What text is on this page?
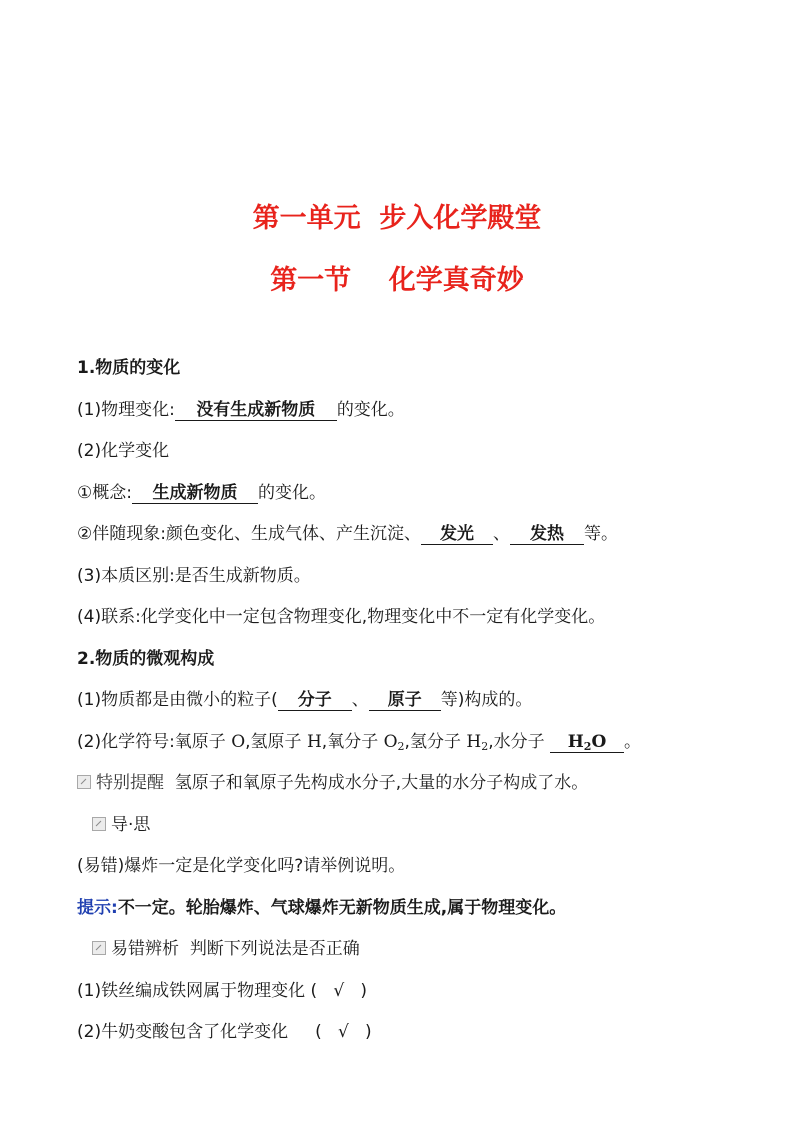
第一单元 步入化学殿堂
第一节 化学真奇妙
1.物质的变化
(1)物理变化: 没有生成新物质 的变化。
(2)化学变化
①概念: 生成新物质 的变化。
②伴随现象:颜色变化、生成气体、产生沉淀、 发光 、 发热 等。
(3)本质区别:是否生成新物质。
(4)联系:化学变化中一定包含物理变化,物理变化中不一定有化学变化。
2.物质的微观构成
(1)物质都是由微小的粒子( 分子 、 原子 等)构成的。
(2)化学符号:氧原子 O,氢原子 H,氧分子 $O_2$,氢分子 $H_2$,水分子 $H_2O$ 。
特别提醒 氢原子和氧原子先构成水分子,大量的水分子构成了水。
导·思
(易错)爆炸一定是化学变化吗?请举例说明。
提示:不一定。轮胎爆炸、气球爆炸无新物质生成,属于物理变化。
易错辨析 判断下列说法是否正确
(1)铁丝编成铁网属于物理变化 (   √   )
(2)牛奶变酸包含了化学变化     (   √   )
